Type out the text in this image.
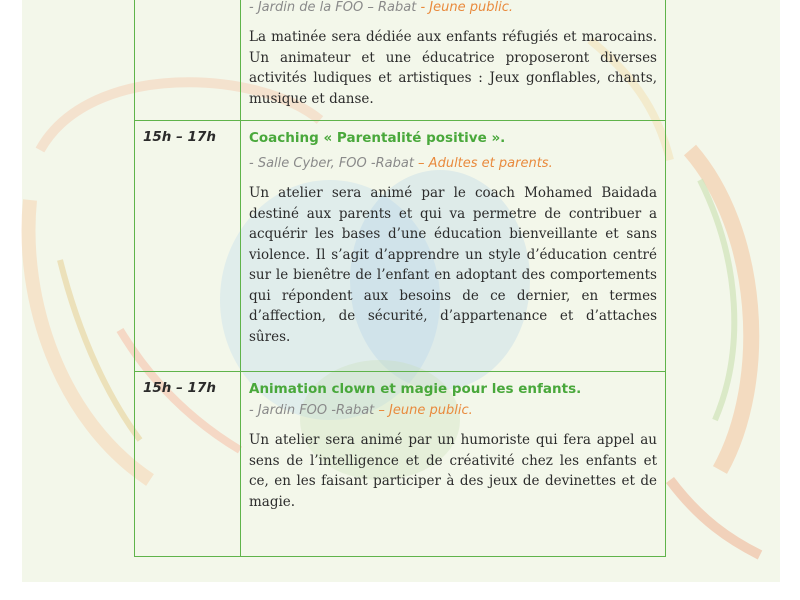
	- Jardin de la FOO – Rabat - Jeune public.

La matinée sera dédiée aux enfants réfugiés et marocains. Un animateur et une éducatrice proposeront diverses activités ludiques et artistiques : Jeux gonflables, chants, musique et danse.

15h – 17h	Coaching « Parentalité positive ».

- Salle Cyber, FOO -Rabat – Adultes et parents.

Un atelier sera animé par le coach Mohamed Baidada destiné aux parents et qui va permetre de contribuer a acquérir les bases d’une éducation bienveillante et sans violence. Il s’agit d’apprendre un style d’éducation centré sur le bienêtre de l’enfant en adoptant des comportements qui répondent aux besoins de ce dernier, en termes d’affection, de sécurité, d’appartenance et d’attaches sûres.

15h – 17h	Animation clown et magie pour les enfants.

- Jardin FOO -Rabat – Jeune public.

Un atelier sera animé par un humoriste qui fera appel au sens de l’intelligence et de créativité chez les enfants et ce, en les faisant participer à des jeux de devinettes et de magie.
